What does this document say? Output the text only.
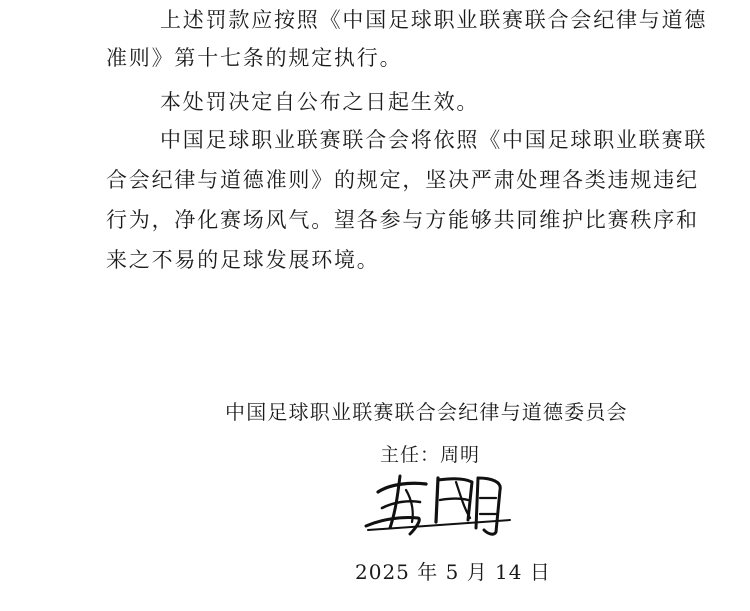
上述罚款应按照《中国足球职业联赛联合会纪律与道德
准则》第十七条的规定执行。
本处罚决定自公布之日起生效。
中国足球职业联赛联合会将依照《中国足球职业联赛联
合会纪律与道德准则》的规定，坚决严肃处理各类违规违纪
行为，净化赛场风气。望各参与方能够共同维护比赛秩序和
来之不易的足球发展环境。
中国足球职业联赛联合会纪律与道德委员会
主任：周明
2025 年 5 月 14 日
